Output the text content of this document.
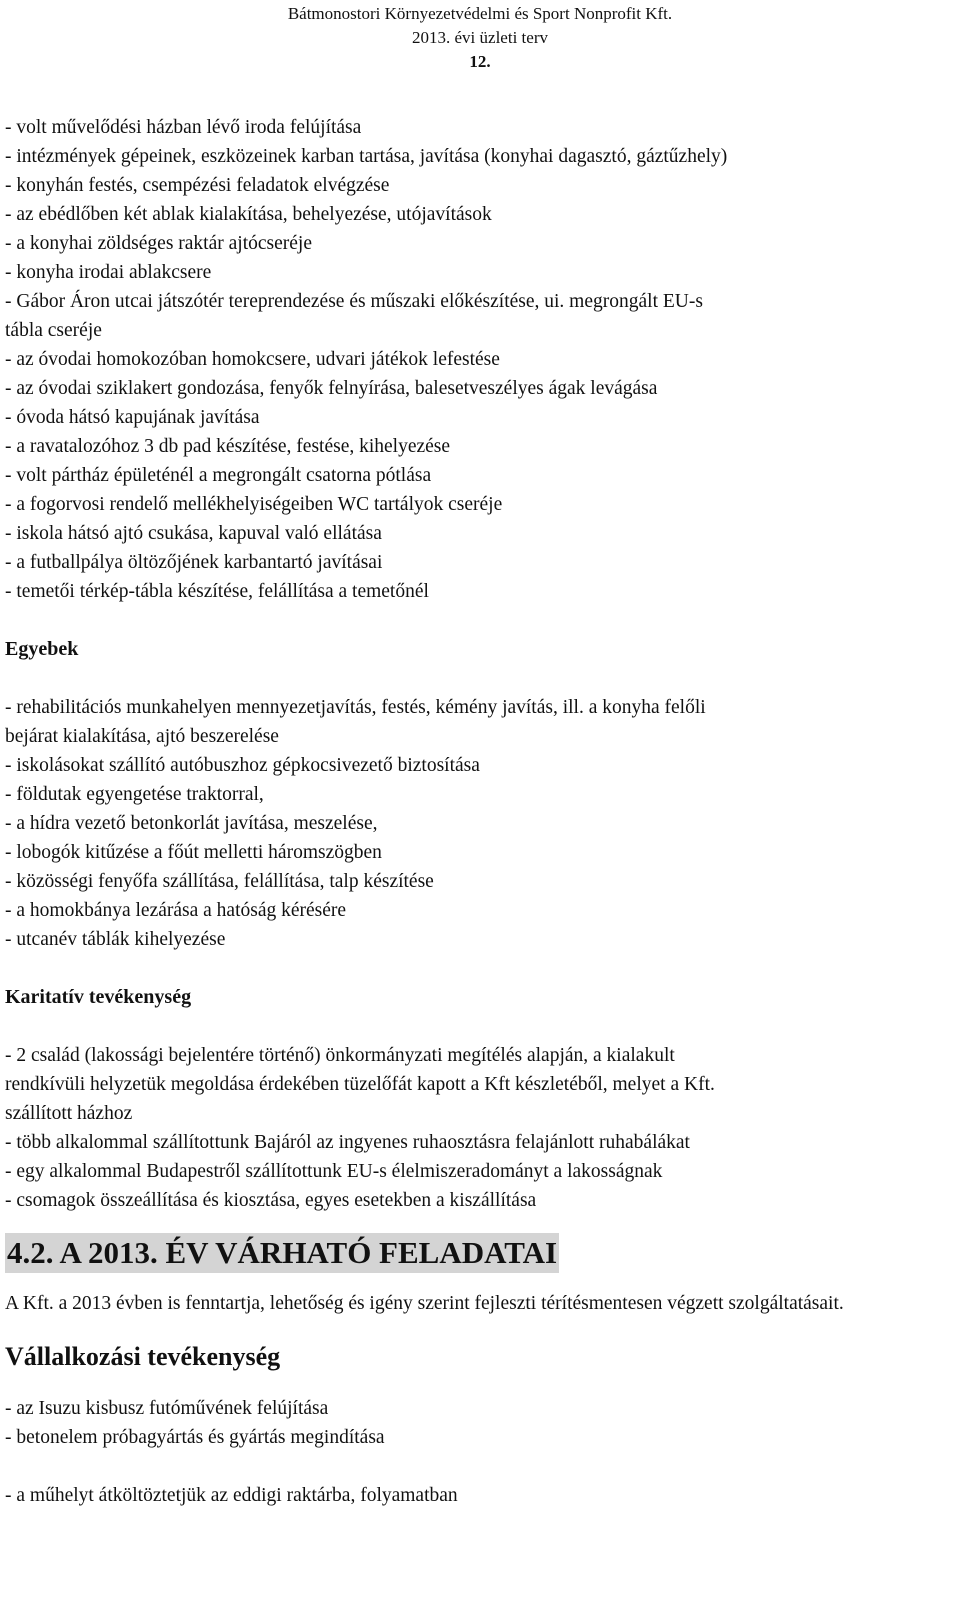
Bátmonostori Környezetvédelmi és Sport Nonprofit Kft.
2013. évi üzleti terv
12.

- volt művelődési házban lévő iroda felújítása

- intézmények gépeinek, eszközeinek karban tartása, javítása (konyhai dagasztó, gáztűzhely)

- konyhán festés, csempézési feladatok elvégzése

- az ebédlőben két ablak kialakítása, behelyezése, utójavítások

- a konyhai zöldséges raktár ajtócseréje

- konyha irodai ablakcsere

- Gábor Áron utcai játszótér tereprendezése és műszaki előkészítése, ui. megrongált EU-s

tábla cseréje

- az óvodai homokozóban homokcsere, udvari játékok lefestése

- az óvodai sziklakert gondozása, fenyők felnyírása, balesetveszélyes ágak levágása

- óvoda hátsó kapujának javítása

- a ravatalozóhoz 3 db pad készítése, festése, kihelyezése

- volt pártház épületénél a megrongált csatorna pótlása

- a fogorvosi rendelő mellékhelyiségeiben WC tartályok cseréje

- iskola hátsó ajtó csukása, kapuval való ellátása

- a futballpálya öltözőjének karbantartó javításai

- temetői térkép-tábla készítése, felállítása a temetőnél

Egyebek

- rehabilitációs munkahelyen mennyezetjavítás, festés, kémény javítás, ill. a konyha felőli

bejárat kialakítása, ajtó beszerelése

- iskolásokat szállító autóbuszhoz gépkocsivezető biztosítása

- földutak egyengetése traktorral,

- a hídra vezető betonkorlát javítása, meszelése,

- lobogók kitűzése a főút melletti háromszögben

- közösségi fenyőfa szállítása, felállítása, talp készítése

- a homokbánya lezárása a hatóság kérésére

- utcanév táblák kihelyezése

Karitatív tevékenység

- 2 család (lakossági bejelentére történő) önkormányzati megítélés alapján, a kialakult

rendkívüli helyzetük megoldása érdekében tüzelőfát kapott a Kft készletéből, melyet a Kft.

szállított házhoz

- több alkalommal szállítottunk Bajáról az ingyenes ruhaosztásra felajánlott ruhabálákat

- egy alkalommal Budapestről szállítottunk EU-s élelmiszeradományt a lakosságnak

- csomagok összeállítása és kiosztása, egyes esetekben a kiszállítása

4.2. A 2013. ÉV VÁRHATÓ FELADATAI

A Kft. a 2013 évben is fenntartja, lehetőség és igény szerint fejleszti térítésmentesen végzett szolgáltatásait.

Vállalkozási tevékenység

- az Isuzu kisbusz futóművének felújítása

- betonelem próbagyártás és gyártás megindítása

- a műhelyt átköltöztetjük az eddigi raktárba, folyamatban
